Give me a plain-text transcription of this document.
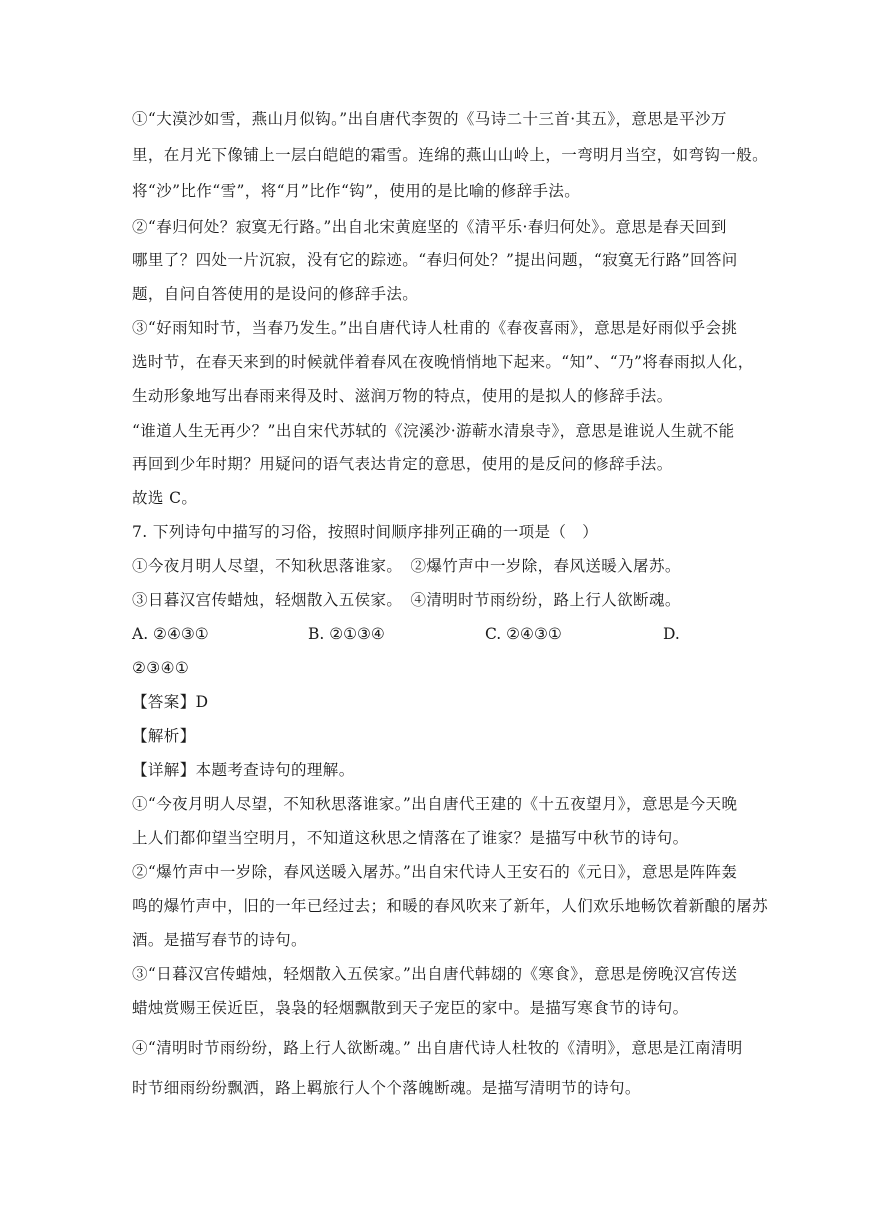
①“大漠沙如雪，燕山月似钩。”出自唐代李贺的《马诗二十三首·其五》，意思是平沙万
里，在月光下像铺上一层白皑皑的霜雪。连绵的燕山山岭上，一弯明月当空，如弯钩一般。
将“沙”比作“雪”，将“月”比作“钩”，使用的是比喻的修辞手法。
②“春归何处？寂寞无行路。”出自北宋黄庭坚的《清平乐·春归何处》。意思是春天回到
哪里了？四处一片沉寂，没有它的踪迹。“春归何处？”提出问题，“寂寞无行路”回答问
题，自问自答使用的是设问的修辞手法。
③“好雨知时节，当春乃发生。”出自唐代诗人杜甫的《春夜喜雨》，意思是好雨似乎会挑
选时节，在春天来到的时候就伴着春风在夜晚悄悄地下起来。“知”、“乃”将春雨拟人化，
生动形象地写出春雨来得及时、滋润万物的特点，使用的是拟人的修辞手法。
“谁道人生无再少？”出自宋代苏轼的《浣溪沙·游蕲水清泉寺》，意思是谁说人生就不能
再回到少年时期？用疑问的语气表达肯定的意思，使用的是反问的修辞手法。
故选 C。
7. 下列诗句中描写的习俗，按照时间顺序排列正确的一项是（　）
①今夜月明人尽望，不知秋思落谁家。　②爆竹声中一岁除，春风送暖入屠苏。
③日暮汉宫传蜡烛，轻烟散入五侯家。　④清明时节雨纷纷，路上行人欲断魂。
A. ②④③①	B. ②①③④	C. ②④③①	D.
②③④①
【答案】D
【解析】
【详解】本题考查诗句的理解。
①“今夜月明人尽望，不知秋思落谁家。”出自唐代王建的《十五夜望月》，意思是今天晚
上人们都仰望当空明月，不知道这秋思之情落在了谁家？是描写中秋节的诗句。
②“爆竹声中一岁除，春风送暖入屠苏。”出自宋代诗人王安石的《元日》，意思是阵阵轰
鸣的爆竹声中，旧的一年已经过去；和暖的春风吹来了新年，人们欢乐地畅饮着新酿的屠苏
酒。是描写春节的诗句。
③“日暮汉宫传蜡烛，轻烟散入五侯家。”出自唐代韩翃的《寒食》，意思是傍晚汉宫传送
蜡烛赏赐王侯近臣，袅袅的轻烟飘散到天子宠臣的家中。是描写寒食节的诗句。
④“清明时节雨纷纷，路上行人欲断魂。” 出自唐代诗人杜牧的《清明》，意思是江南清明
时节细雨纷纷飘洒，路上羁旅行人个个落魄断魂。是描写清明节的诗句。
